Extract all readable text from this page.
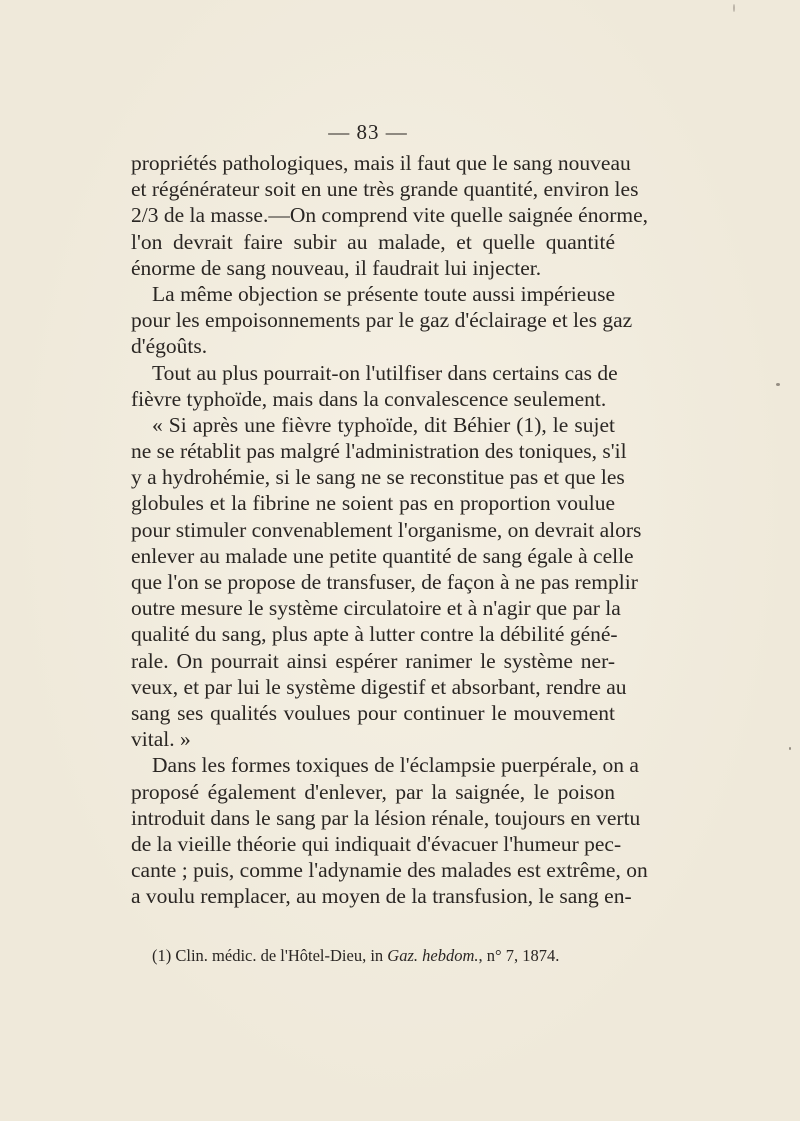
— 83 —
propriétés pathologiques, mais il faut que le sang nouveau
et régénérateur soit en une très grande quantité, environ les
2/3 de la masse.—On comprend vite quelle saignée énorme,
l'on devrait faire subir au malade, et quelle quantité
énorme de sang nouveau, il faudrait lui injecter.
La même objection se présente toute aussi impérieuse
pour les empoisonnements par le gaz d'éclairage et les gaz
d'égoûts.
Tout au plus pourrait-on l'utilfiser dans certains cas de
fièvre typhoïde, mais dans la convalescence seulement.
« Si après une fièvre typhoïde, dit Béhier (1), le sujet
ne se rétablit pas malgré l'administration des toniques, s'il
y a hydrohémie, si le sang ne se reconstitue pas et que les
globules et la fibrine ne soient pas en proportion voulue
pour stimuler convenablement l'organisme, on devrait alors
enlever au malade une petite quantité de sang égale à celle
que l'on se propose de transfuser, de façon à ne pas remplir
outre mesure le système circulatoire et à n'agir que par la
qualité du sang, plus apte à lutter contre la débilité géné-
rale. On pourrait ainsi espérer ranimer le système ner-
veux, et par lui le système digestif et absorbant, rendre au
sang ses qualités voulues pour continuer le mouvement
vital. »
Dans les formes toxiques de l'éclampsie puerpérale, on a
proposé également d'enlever, par la saignée, le poison
introduit dans le sang par la lésion rénale, toujours en vertu
de la vieille théorie qui indiquait d'évacuer l'humeur pec-
cante ; puis, comme l'adynamie des malades est extrême, on
a voulu remplacer, au moyen de la transfusion, le sang en-
(1) Clin. médic. de l'Hôtel-Dieu, in Gaz. hebdom., n° 7, 1874.
